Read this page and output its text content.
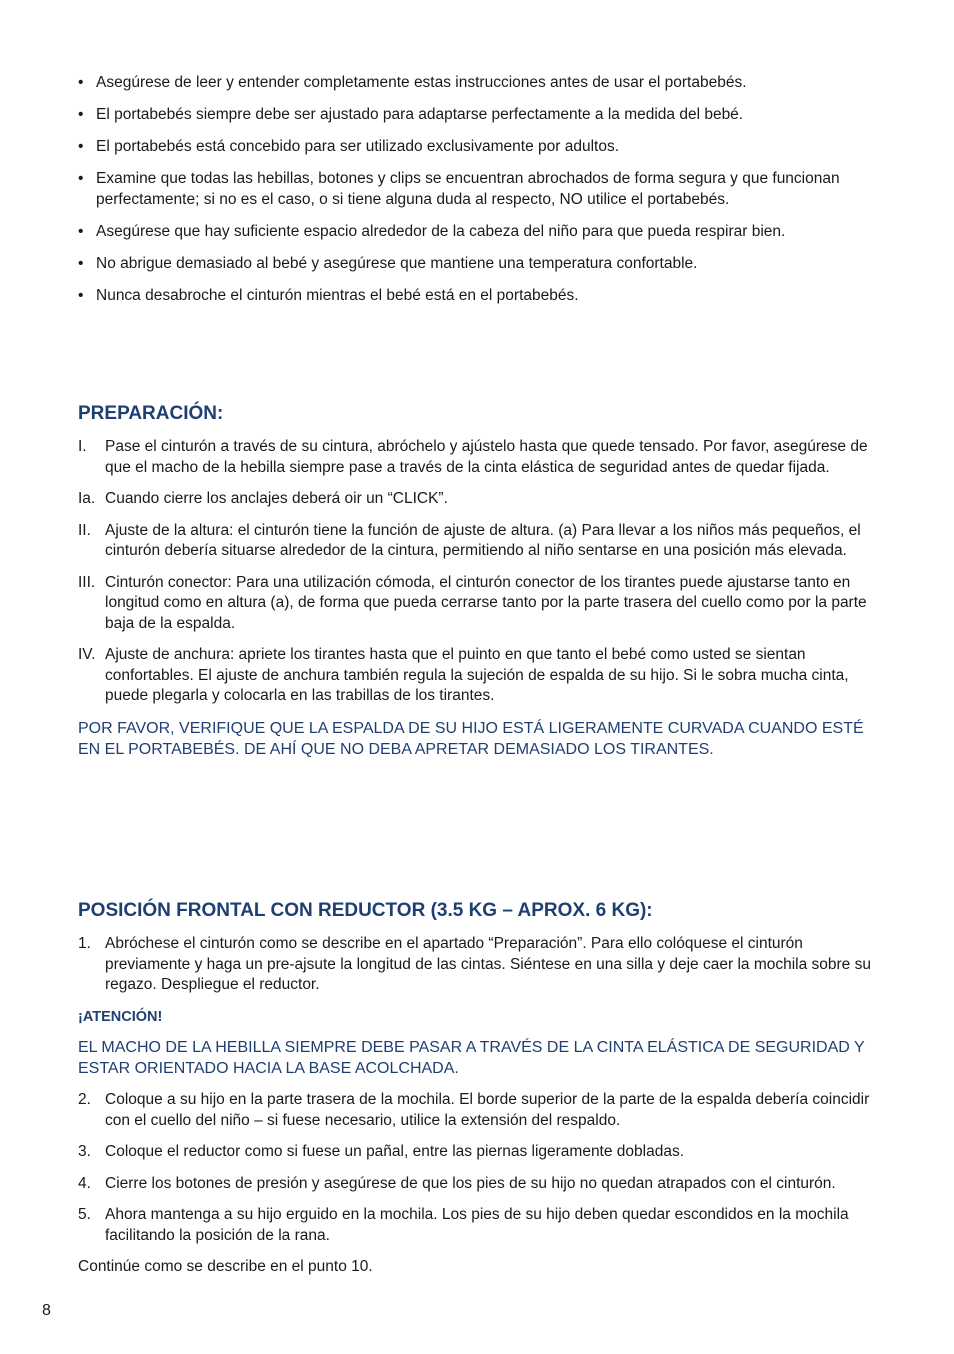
• Asegúrese de leer y entender completamente estas instrucciones antes de usar el portabebés.
• El portabebés siempre debe ser ajustado para adaptarse perfectamente a la medida del bebé.
• El portabebés está concebido para ser utilizado exclusivamente por adultos.
• Examine que todas las hebillas, botones y clips se encuentran abrochados de forma segura y que funcionan perfectamente; si no es el caso, o si tiene alguna duda al respecto, NO utilice el portabebés.
• Asegúrese que hay suficiente espacio alrededor de la cabeza del niño para que pueda respirar bien.
• No abrigue demasiado al bebé y asegúrese que mantiene una temperatura confortable.
• Nunca desabroche el cinturón mientras el bebé está en el portabebés.
PREPARACIÓN:
I. Pase el cinturón a través de su cintura, abróchelo y ajústelo hasta que quede tensado. Por favor, asegúrese de que el macho de la hebilla siempre pase a través de la cinta elástica de seguridad antes de quedar fijada.
Ia. Cuando cierre los anclajes deberá oir un “CLICK”.
II. Ajuste de la altura: el cinturón tiene la función de ajuste de altura. (a) Para llevar a los niños más pequeños, el cinturón debería situarse alrededor de la cintura, permitiendo al niño sentarse en una posición más elevada.
III. Cinturón conector: Para una utilización cómoda, el cinturón conector de los tirantes puede ajustarse tanto en longitud como en altura (a), de forma que pueda cerrarse tanto por la parte trasera del cuello como por la parte baja de la espalda.
IV. Ajuste de anchura: apriete los tirantes hasta que el puinto en que tanto el bebé como usted se sientan confortables. El ajuste de anchura también regula la sujeción de espalda de su hijo. Si le sobra mucha cinta, puede plegarla y colocarla en las trabillas de los tirantes.

POR FAVOR, VERIFIQUE QUE LA ESPALDA DE SU HIJO ESTÁ LIGERAMENTE CURVADA CUANDO ESTÉ EN EL PORTABEBÉS. DE AHÍ QUE NO DEBA APRETAR DEMASIADO LOS TIRANTES.

POSICIÓN FRONTAL CON REDUCTOR (3.5 KG – APROX. 6 KG):
1. Abróchese el cinturón como se describe en el apartado “Preparación”. Para ello colóquese el cinturón previamente y haga un pre-ajsute la longitud de las cintas. Siéntese en una silla y deje caer la mochila sobre su regazo. Despliegue el reductor.

¡ATENCIÓN!

EL MACHO DE LA HEBILLA SIEMPRE DEBE PASAR A TRAVÉS DE LA CINTA ELÁSTICA DE SEGURIDAD Y ESTAR ORIENTADO HACIA LA BASE ACOLCHADA.

2. Coloque a su hijo en la parte trasera de la mochila. El borde superior de la parte de la espalda debería coincidir con el cuello del niño – si fuese necesario, utilice la extensión del respaldo.
3. Coloque el reductor como si fuese un pañal, entre las piernas ligeramente dobladas.
4. Cierre los botones de presión y asegúrese de que los pies de su hijo no quedan atrapados con el cinturón.
5. Ahora mantenga a su hijo erguido en la mochila. Los pies de su hijo deben quedar escondidos en la mochila facilitando la posición de la rana.

Continúe como se describe en el punto 10.

8
